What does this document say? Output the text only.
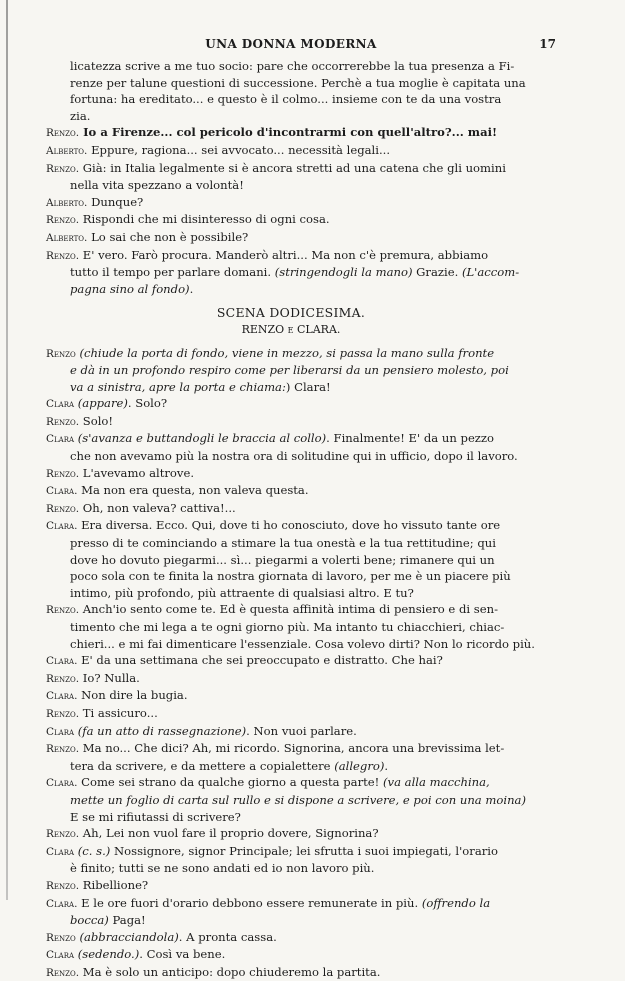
UNA DONNA MODERNA	17
licatezza scrive a me tuo socio: pare che occorrerebbe la tua presenza a Fi-
renze per talune questioni di successione. Perchè a tua moglie è capitata una
fortuna: ha ereditato... e questo è il colmo... insieme con te da una vostra
zia.
Renzo. Io a Firenze... col pericolo d'incontrarmi con quell'altro?... mai!
Alberto. Eppure, ragiona... sei avvocato... necessità legali...
Renzo. Già: in Italia legalmente si è ancora stretti ad una catena che gli uomini
nella vita spezzano a volontà!
Alberto. Dunque?
Renzo. Rispondi che mi disinteresso di ogni cosa.
Alberto. Lo sai che non è possibile?
Renzo. E' vero. Farò procura. Manderò altri... Ma non c'è premura, abbiamo
tutto il tempo per parlare domani. (stringendogli la mano) Grazie. (L'accom-
pagna sino al fondo).
SCENA DODICESIMA.
RENZO e CLARA.
Renzo (chiude la porta di fondo, viene in mezzo, si passa la mano sulla fronte
e dà in un profondo respiro come per liberarsi da un pensiero molesto, poi
va a sinistra, apre la porta e chiama:) Clara!
Clara (appare). Solo?
Renzo. Solo!
Clara (s'avanza e buttandogli le braccia al collo). Finalmente! E' da un pezzo
che non avevamo più la nostra ora di solitudine qui in ufficio, dopo il lavoro.
Renzo. L'avevamo altrove.
Clara. Ma non era questa, non valeva questa.
Renzo. Oh, non valeva? cattiva!...
Clara. Era diversa. Ecco. Qui, dove ti ho conosciuto, dove ho vissuto tante ore
presso di te cominciando a stimare la tua onestà e la tua rettitudine; qui
dove ho dovuto piegarmi... sì... piegarmi a volerti bene; rimanere qui un
poco sola con te finita la nostra giornata di lavoro, per me è un piacere più
intimo, più profondo, più attraente di qualsiasi altro. E tu?
Renzo. Anch'io sento come te. Ed è questa affinità intima di pensiero e di sen-
timento che mi lega a te ogni giorno più. Ma intanto tu chiacchieri, chiac-
chieri... e mi fai dimenticare l'essenziale. Cosa volevo dirti? Non lo ricordo più.
Clara. E' da una settimana che sei preoccupato e distratto. Che hai?
Renzo. Io? Nulla.
Clara. Non dire la bugia.
Renzo. Ti assicuro...
Clara (fa un atto di rassegnazione). Non vuoi parlare.
Renzo. Ma no... Che dici? Ah, mi ricordo. Signorina, ancora una brevissima let-
tera da scrivere, e da mettere a copialettere (allegro).
Clara. Come sei strano da qualche giorno a questa parte! (va alla macchina,
mette un foglio di carta sul rullo e si dispone a scrivere, e poi con una moina)
E se mi rifiutassi di scrivere?
Renzo. Ah, Lei non vuol fare il proprio dovere, Signorina?
Clara (c. s.) Nossignore, signor Principale; lei sfrutta i suoi impiegati, l'orario
è finito; tutti se ne sono andati ed io non lavoro più.
Renzo. Ribellione?
Clara. E le ore fuori d'orario debbono essere remunerate in più. (offrendo la
bocca) Paga!
Renzo (abbracciandola). A pronta cassa.
Clara (sedendo.). Così va bene.
Renzo. Ma è solo un anticipo: dopo chiuderemo la partita.
